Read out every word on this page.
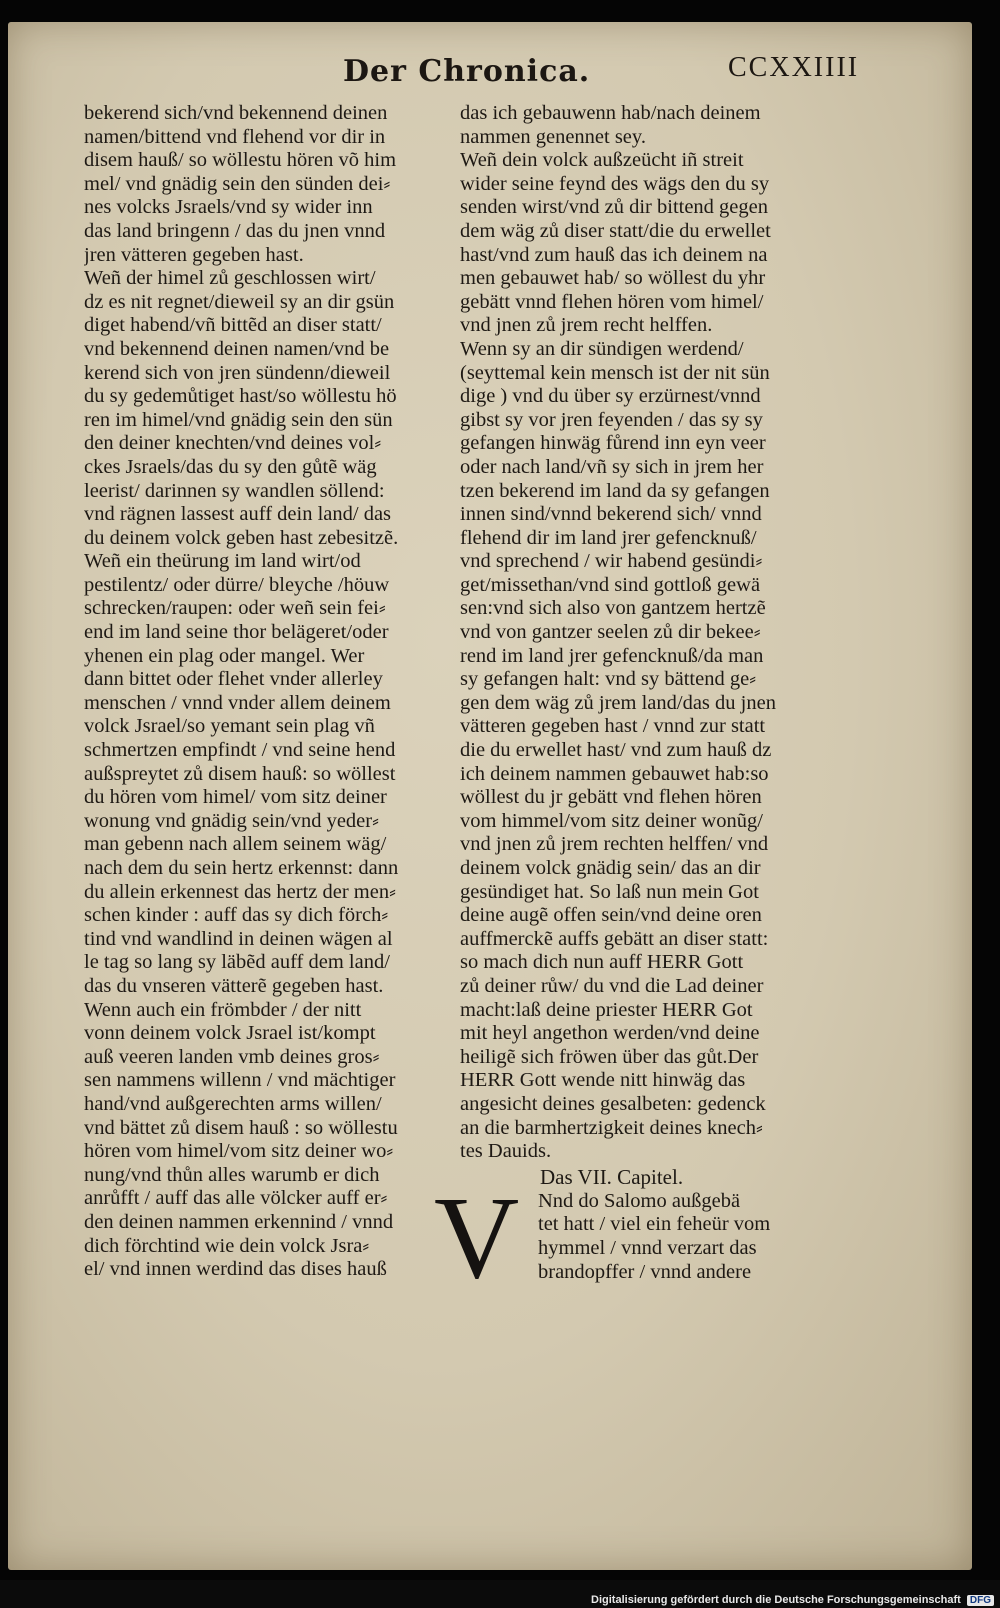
Der Chronica.	CCXXIIII
bekerend sich/vnd bekennend deinen
namen/bittend vnd flehend vor dir in
disem hauß/ so wöllestu hören võ him
mel/ vnd gnädig sein den sünden dei⸗
nes volcks Jsraels/vnd sy wider inn
das land bringenn / das du jnen vnnd
jren vätteren gegeben hast.
Weñ der himel zů geschlossen wirt/
dz es nit regnet/dieweil sy an dir gsün
diget habend/vñ bittẽd an diser statt/
vnd bekennend deinen namen/vnd be
kerend sich von jren sündenn/dieweil
du sy gedemůtiget hast/so wöllestu hö
ren im himel/vnd gnädig sein den sün
den deiner knechten/vnd deines vol⸗
ckes Jsraels/das du sy den gůtẽ wäg
leerist/ darinnen sy wandlen söllend:
vnd rägnen lassest auff dein land/ das
du deinem volck geben hast zebesitzẽ.
Weñ ein theürung im land wirt/od
pestilentz/ oder dürre/ bleyche /höuw
schrecken/raupen: oder weñ sein fei⸗
end im land seine thor belägeret/oder
yhenen ein plag oder mangel. Wer
dann bittet oder flehet vnder allerley
menschen / vnnd vnder allem deinem
volck Jsrael/so yemant sein plag vñ
schmertzen empfindt / vnd seine hend
außspreytet zů disem hauß: so wöllest
du hören vom himel/ vom sitz deiner
wonung vnd gnädig sein/vnd yeder⸗
man gebenn nach allem seinem wäg/
nach dem du sein hertz erkennst: dann
du allein erkennest das hertz der men⸗
schen kinder : auff das sy dich förch⸗
tind vnd wandlind in deinen wägen al
le tag so lang sy läbẽd auff dem land/
das du vnseren vätterẽ gegeben hast.
Wenn auch ein frömbder / der nitt
vonn deinem volck Jsrael ist/kompt
auß veeren landen vmb deines gros⸗
sen nammens willenn / vnd mächtiger
hand/vnd außgerechten arms willen/
vnd bättet zů disem hauß : so wöllestu
hören vom himel/vom sitz deiner wo⸗
nung/vnd thůn alles warumb er dich
anrůfft / auff das alle völcker auff er⸗
den deinen nammen erkennind / vnnd
dich förchtind wie dein volck Jsra⸗
el/ vnd innen werdind das dises hauß
das ich gebauwenn hab/nach deinem
nammen genennet sey.
Weñ dein volck außzeücht iñ streit
wider seine feynd des wägs den du sy
senden wirst/vnd zů dir bittend gegen
dem wäg zů diser statt/die du erwellet
hast/vnd zum hauß das ich deinem na
men gebauwet hab/ so wöllest du yhr
gebätt vnnd flehen hören vom himel/
vnd jnen zů jrem recht helffen.
Wenn sy an dir sündigen werdend/
(seyttemal kein mensch ist der nit sün
dige ) vnd du über sy erzürnest/vnnd
gibst sy vor jren feyenden / das sy sy
gefangen hinwäg fůrend inn eyn veer
oder nach land/vñ sy sich in jrem her
tzen bekerend im land da sy gefangen
innen sind/vnnd bekerend sich/ vnnd
flehend dir im land jrer gefencknuß/
vnd sprechend / wir habend gesündi⸗
get/missethan/vnd sind gottloß gewä
sen:vnd sich also von gantzem hertzẽ
vnd von gantzer seelen zů dir bekee⸗
rend im land jrer gefencknuß/da man
sy gefangen halt: vnd sy bättend ge⸗
gen dem wäg zů jrem land/das du jnen
vätteren gegeben hast / vnnd zur statt
die du erwellet hast/ vnd zum hauß dz
ich deinem nammen gebauwet hab:so
wöllest du jr gebätt vnd flehen hören
vom himmel/vom sitz deiner wonũg/
vnd jnen zů jrem rechten helffen/ vnd
deinem volck gnädig sein/ das an dir
gesündiget hat. So laß nun mein Got
deine augẽ offen sein/vnd deine oren
auffmerckẽ auffs gebätt an diser statt:
so mach dich nun auff HERR Gott
zů deiner růw/ du vnd die Lad deiner
macht:laß deine priester HERR Got
mit heyl angethon werden/vnd deine
heiligẽ sich fröwen über das gůt.Der
HERR Gott wende nitt hinwäg das
angesicht deines gesalbeten: gedenck
an die barmhertzigkeit deines knech⸗
tes Dauids.
Das VII. Capitel.
V Nnd do Salomo außgebä
tet hatt / viel ein feheür vom
hymmel / vnnd verzart das
brandopffer / vnnd andere
Digitalisierung gefördert durch die Deutsche Forschungsgemeinschaft DFG
